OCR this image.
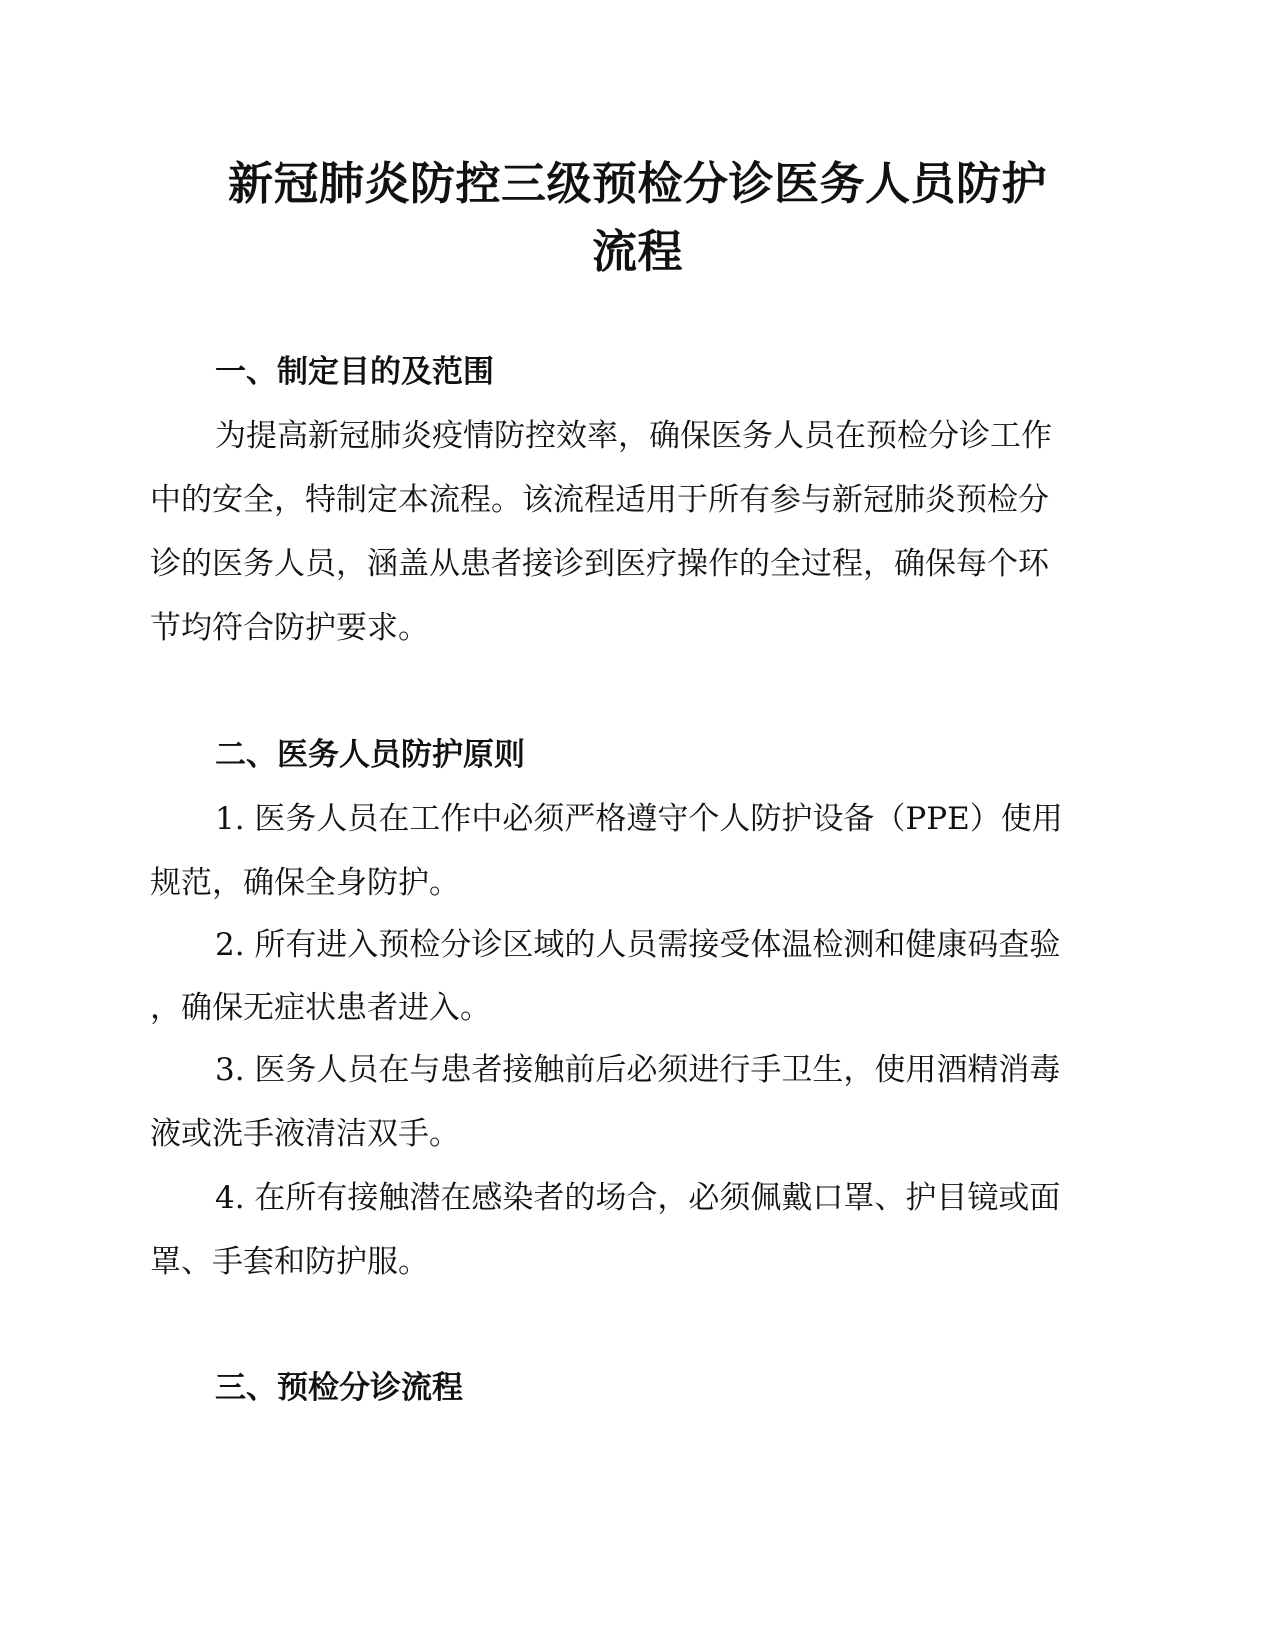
新冠肺炎防控三级预检分诊医务人员防护
流程
一、制定目的及范围
为提高新冠肺炎疫情防控效率，确保医务人员在预检分诊工作
中的安全，特制定本流程。该流程适用于所有参与新冠肺炎预检分
诊的医务人员，涵盖从患者接诊到医疗操作的全过程，确保每个环
节均符合防护要求。
二、医务人员防护原则
1. 医务人员在工作中必须严格遵守个人防护设备（PPE）使用
规范，确保全身防护。
2. 所有进入预检分诊区域的人员需接受体温检测和健康码查验
，确保无症状患者进入。
3. 医务人员在与患者接触前后必须进行手卫生，使用酒精消毒
液或洗手液清洁双手。
4. 在所有接触潜在感染者的场合，必须佩戴口罩、护目镜或面
罩、手套和防护服。
三、预检分诊流程
